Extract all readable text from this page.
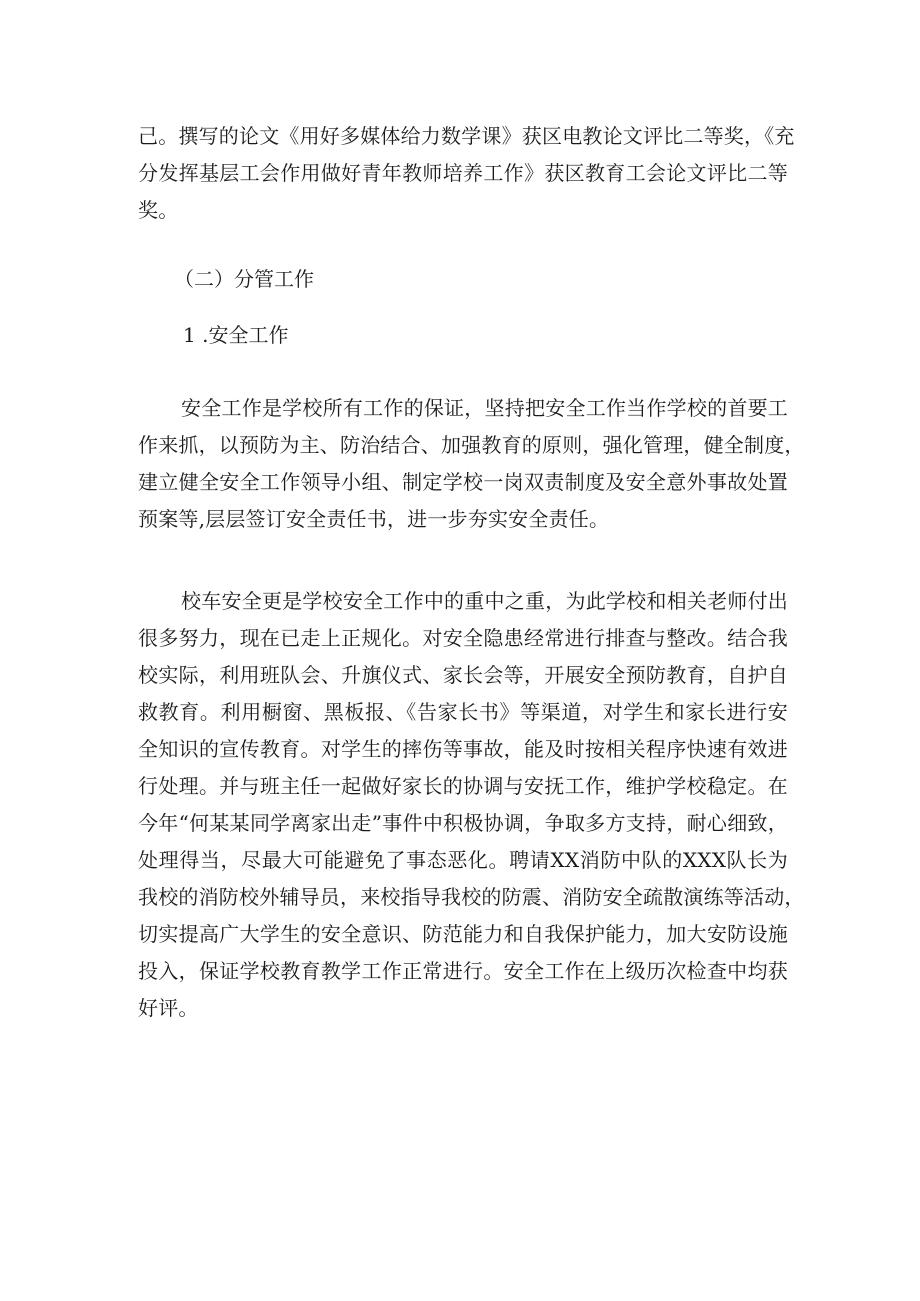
己。撰写的论文《用好多媒体给力数学课》获区电教论文评比二等奖，《充
分发挥基层工会作用做好青年教师培养工作》获区教育工会论文评比二等
奖。
（二）分管工作
1 .安全工作
安全工作是学校所有工作的保证，坚持把安全工作当作学校的首要工
作来抓，以预防为主、防治结合、加强教育的原则，强化管理，健全制度，
建立健全安全工作领导小组、制定学校一岗双责制度及安全意外事故处置
预案等,层层签订安全责任书，进一步夯实安全责任。
校车安全更是学校安全工作中的重中之重，为此学校和相关老师付出
很多努力，现在已走上正规化。对安全隐患经常进行排查与整改。结合我
校实际，利用班队会、升旗仪式、家长会等，开展安全预防教育，自护自
救教育。利用橱窗、黑板报、《告家长书》等渠道，对学生和家长进行安
全知识的宣传教育。对学生的摔伤等事故，能及时按相关程序快速有效进
行处理。并与班主任一起做好家长的协调与安抚工作，维护学校稳定。在
今年“何某某同学离家出走”事件中积极协调，争取多方支持，耐心细致，
处理得当，尽最大可能避免了事态恶化。聘请XX消防中队的XXX队长为
我校的消防校外辅导员，来校指导我校的防震、消防安全疏散演练等活动，
切实提高广大学生的安全意识、防范能力和自我保护能力，加大安防设施
投入，保证学校教育教学工作正常进行。安全工作在上级历次检查中均获
好评。
